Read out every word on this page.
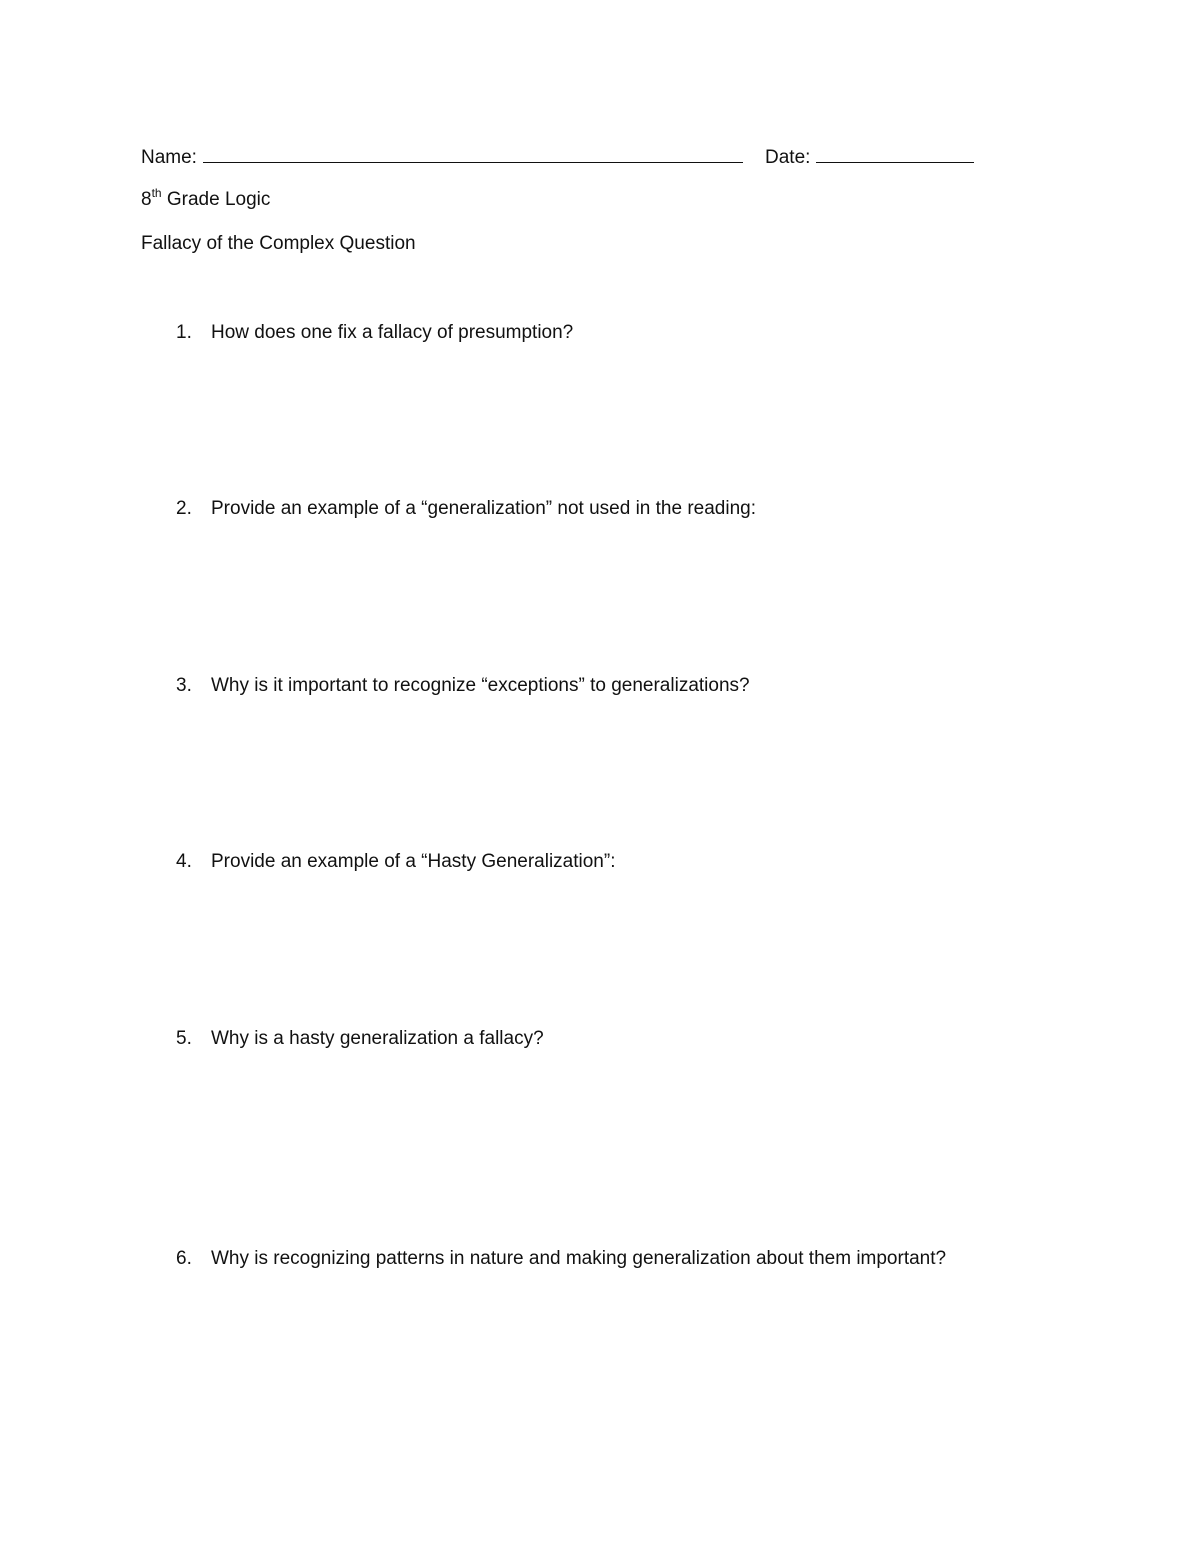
Name:	Date:
8th Grade Logic
Fallacy of the Complex Question
1. How does one fix a fallacy of presumption?
2. Provide an example of a “generalization” not used in the reading:
3. Why is it important to recognize “exceptions” to generalizations?
4. Provide an example of a “Hasty Generalization”:
5. Why is a hasty generalization a fallacy?
6. Why is recognizing patterns in nature and making generalization about them important?
